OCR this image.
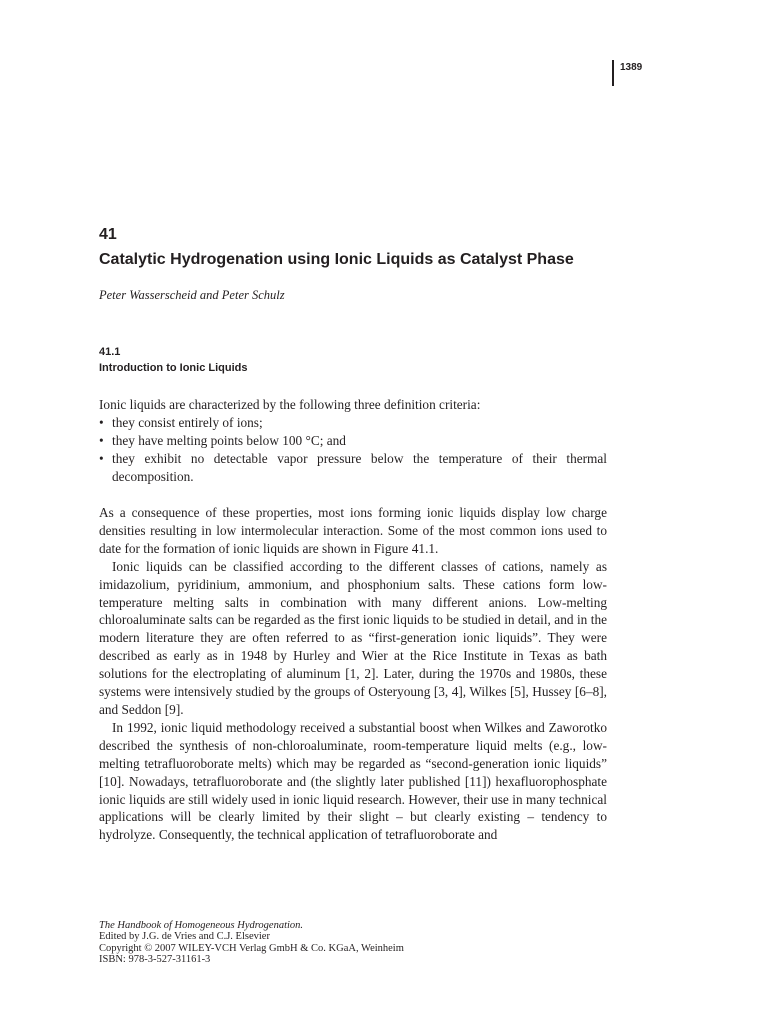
1389
41
Catalytic Hydrogenation using Ionic Liquids as Catalyst Phase

Peter Wasserscheid and Peter Schulz

41.1
Introduction to Ionic Liquids

Ionic liquids are characterized by the following three definition criteria:

• they consist entirely of ions;
• they have melting points below 100 °C; and
• they exhibit no detectable vapor pressure below the temperature of their thermal decomposition.

As a consequence of these properties, most ions forming ionic liquids display low charge densities resulting in low intermolecular interaction. Some of the most common ions used to date for the formation of ionic liquids are shown in Figure 41.1.

Ionic liquids can be classified according to the different classes of cations, namely as imidazolium, pyridinium, ammonium, and phosphonium salts. These cations form low-temperature melting salts in combination with many different anions. Low-melting chloroaluminate salts can be regarded as the first ionic liquids to be studied in detail, and in the modern literature they are often referred to as “first-generation ionic liquids”. They were described as early as in 1948 by Hurley and Wier at the Rice Institute in Texas as bath solutions for the electroplating of aluminum [1, 2]. Later, during the 1970s and 1980s, these systems were intensively studied by the groups of Osteryoung [3, 4], Wilkes [5], Hussey [6–8], and Seddon [9].

In 1992, ionic liquid methodology received a substantial boost when Wilkes and Zaworotko described the synthesis of non-chloroaluminate, room-temperature liquid melts (e.g., low-melting tetrafluoroborate melts) which may be regarded as “second-generation ionic liquids” [10]. Nowadays, tetrafluoroborate and (the slightly later published [11]) hexafluorophosphate ionic liquids are still widely used in ionic liquid research. However, their use in many technical applications will be clearly limited by their slight – but clearly existing – tendency to hydrolyze. Consequently, the technical application of tetrafluoroborate and

The Handbook of Homogeneous Hydrogenation.
Edited by J.G. de Vries and C.J. Elsevier
Copyright © 2007 WILEY-VCH Verlag GmbH & Co. KGaA, Weinheim
ISBN: 978-3-527-31161-3
